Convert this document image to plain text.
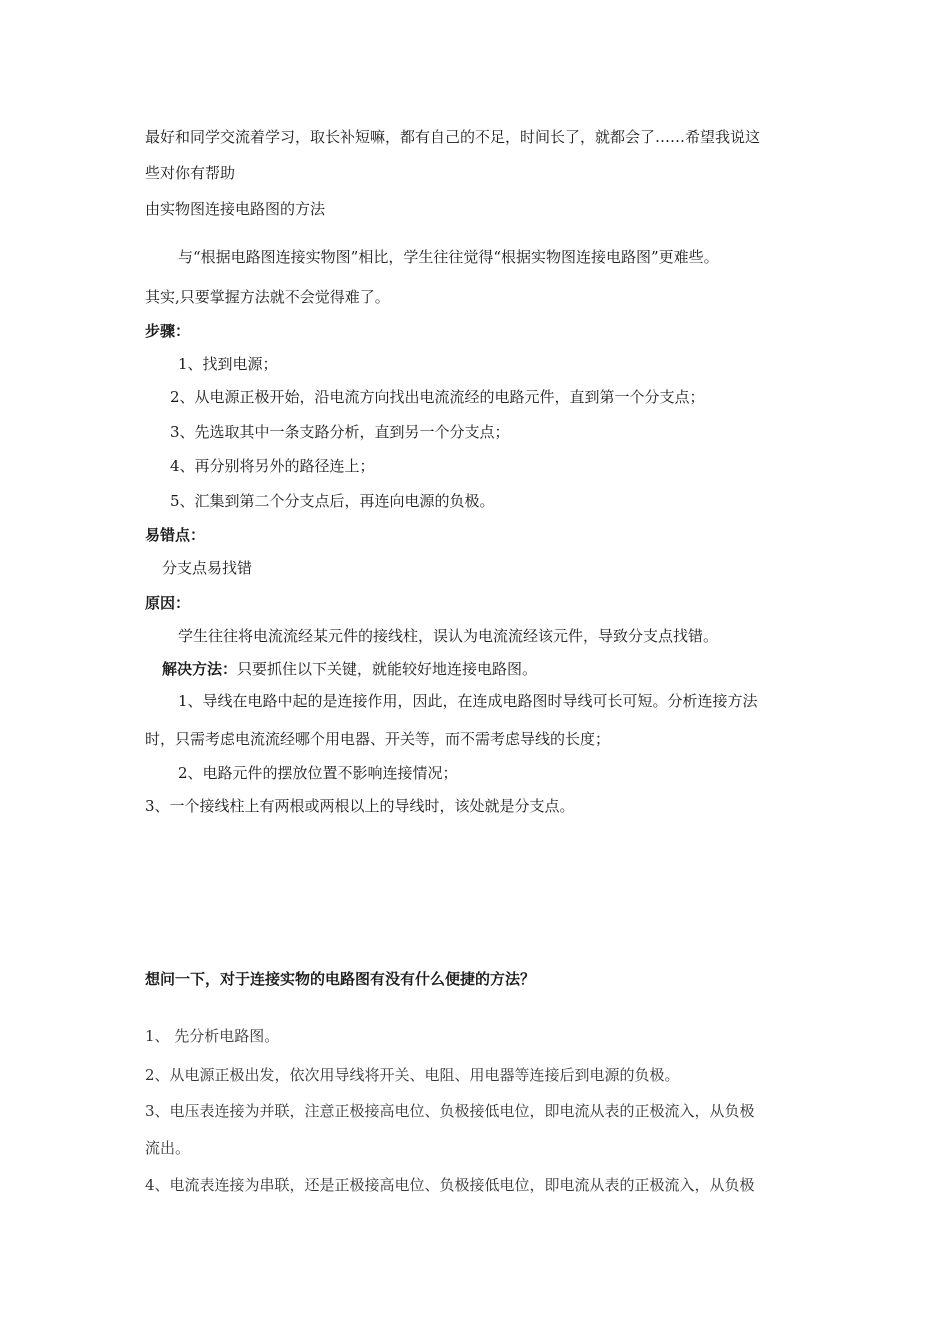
最好和同学交流着学习，取长补短嘛，都有自己的不足，时间长了，就都会了……希望我说这
些对你有帮助
由实物图连接电路图的方法
与“根据电路图连接实物图”相比，学生往往觉得“根据实物图连接电路图”更难些。
其实,只要掌握方法就不会觉得难了。
步骤：
1、找到电源；
2、从电源正极开始，沿电流方向找出电流流经的电路元件，直到第一个分支点；
3、先选取其中一条支路分析，直到另一个分支点；
4、再分别将另外的路径连上；
5、汇集到第二个分支点后，再连向电源的负极。
易错点：
分支点易找错
原因：
学生往往将电流流经某元件的接线柱，误认为电流流经该元件，导致分支点找错。
解决方法：只要抓住以下关键，就能较好地连接电路图。
1、导线在电路中起的是连接作用，因此，在连成电路图时导线可长可短。分析连接方法
时，只需考虑电流流经哪个用电器、开关等，而不需考虑导线的长度；
2、电路元件的摆放位置不影响连接情况；
3、一个接线柱上有两根或两根以上的导线时，该处就是分支点。
想问一下，对于连接实物的电路图有没有什么便捷的方法？
1、 先分析电路图。
2、从电源正极出发，依次用导线将开关、电阻、用电器等连接后到电源的负极。
3、电压表连接为并联，注意正极接高电位、负极接低电位，即电流从表的正极流入，从负极
流出。
4、电流表连接为串联，还是正极接高电位、负极接低电位，即电流从表的正极流入，从负极
